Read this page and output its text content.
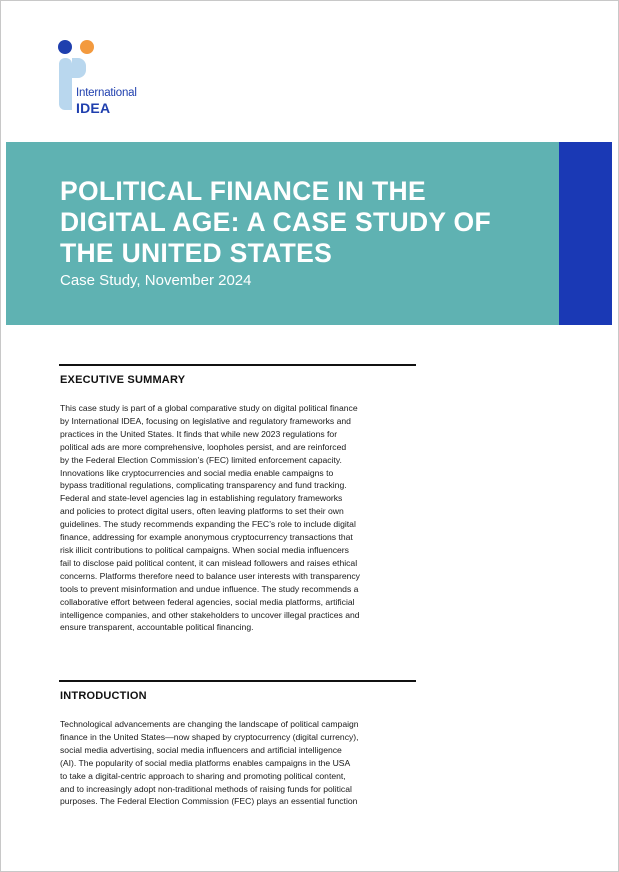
International
IDEA
POLITICAL FINANCE IN THE
DIGITAL AGE: A CASE STUDY OF
THE UNITED STATES
Case Study, November 2024
EXECUTIVE SUMMARY

This case study is part of a global comparative study on digital political finance
by International IDEA, focusing on legislative and regulatory frameworks and
practices in the United States. It finds that while new 2023 regulations for
political ads are more comprehensive, loopholes persist, and are reinforced
by the Federal Election Commission’s (FEC) limited enforcement capacity.
Innovations like cryptocurrencies and social media enable campaigns to
bypass traditional regulations, complicating transparency and fund tracking.
Federal and state-level agencies lag in establishing regulatory frameworks
and policies to protect digital users, often leaving platforms to set their own
guidelines. The study recommends expanding the FEC’s role to include digital
finance, addressing for example anonymous cryptocurrency transactions that
risk illicit contributions to political campaigns. When social media influencers
fail to disclose paid political content, it can mislead followers and raises ethical
concerns. Platforms therefore need to balance user interests with transparency
tools to prevent misinformation and undue influence. The study recommends a
collaborative effort between federal agencies, social media platforms, artificial
intelligence companies, and other stakeholders to uncover illegal practices and
ensure transparent, accountable political financing.

INTRODUCTION

Technological advancements are changing the landscape of political campaign
finance in the United States—now shaped by cryptocurrency (digital currency),
social media advertising, social media influencers and artificial intelligence
(AI). The popularity of social media platforms enables campaigns in the USA
to take a digital-centric approach to sharing and promoting political content,
and to increasingly adopt non-traditional methods of raising funds for political
purposes. The Federal Election Commission (FEC) plays an essential function
